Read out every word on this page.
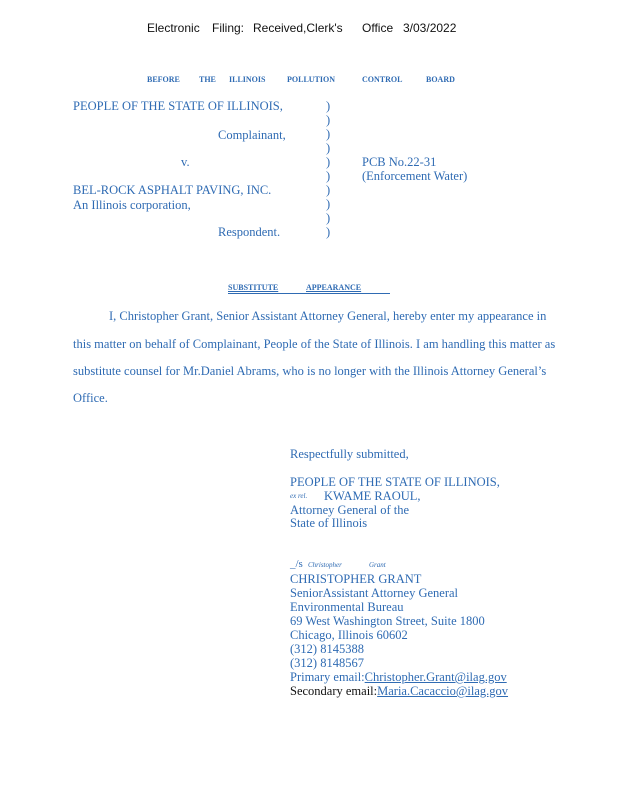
Electronic Filing: Received,Clerk's Office 3/03/2022
BEFORE THE ILLINOIS	POLLUTION	CONTROL	BOARD
PEOPLE OF THE STATE OF ILLINOIS,
Complainant,
v.
BEL-ROCK ASPHALT PAVING, INC.
An Illinois corporation,
Respondent.
)
)
)
)
)
)
)
)
)
)
PCB No.22-31
(Enforcement Water)
SUBSTITUTE	APPEARANCE
I, Christopher Grant, Senior Assistant Attorney General, hereby enter my appearance in
this matter on behalf of Complainant, People of the State of Illinois. I am handling this matter as
substitute counsel for Mr.Daniel Abrams, who is no longer with the Illinois Attorney General’s
Office.
Respectfully submitted,
PEOPLE OF THE STATE OF ILLINOIS,
ex rel. KWAME RAOUL,
Attorney General of the
State of Illinois
_/s Christopher	Grant
CHRISTOPHER GRANT
SeniorAssistant Attorney General
Environmental Bureau
69 West Washington Street, Suite 1800
Chicago, Illinois 60602
(312) 8145388
(312) 8148567
Primary email:Christopher.Grant@ilag.gov
Secondary email:Maria.Cacaccio@ilag.gov
